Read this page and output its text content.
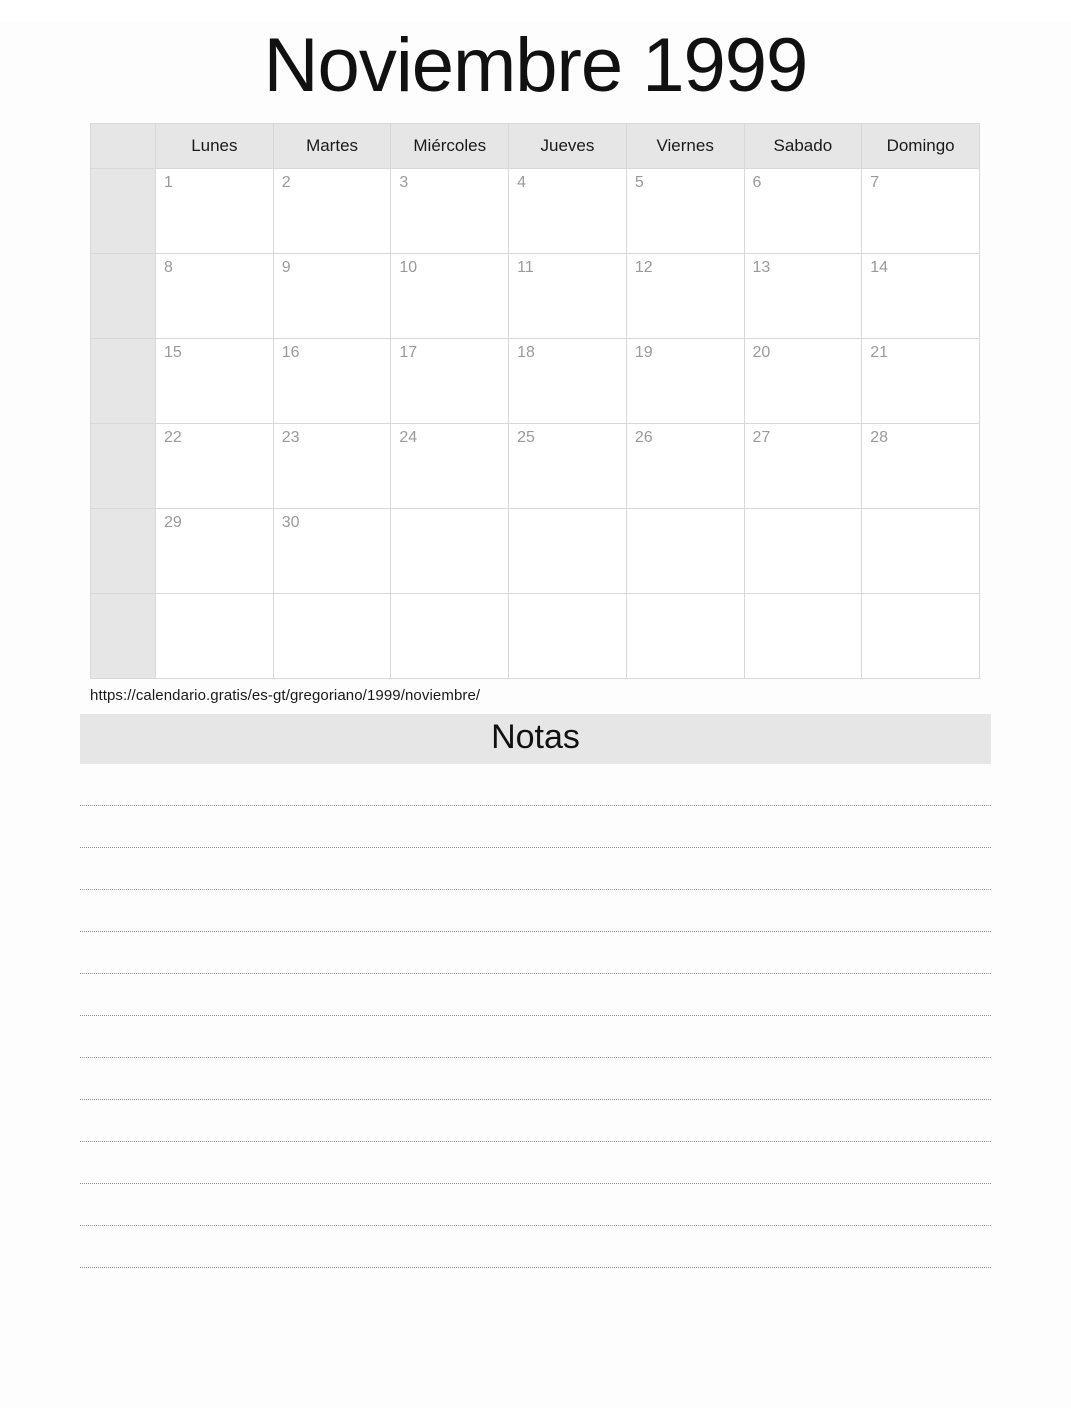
Noviembre 1999
	Lunes	Martes	Miércoles	Jueves	Viernes	Sabado	Domingo

	1	2	3	4	5	6	7

	8	9	10	11	12	13	14

	15	16	17	18	19	20	21

	22	23	24	25	26	27	28

	29	30					

https://calendario.gratis/es-gt/gregoriano/1999/noviembre/
Notas
